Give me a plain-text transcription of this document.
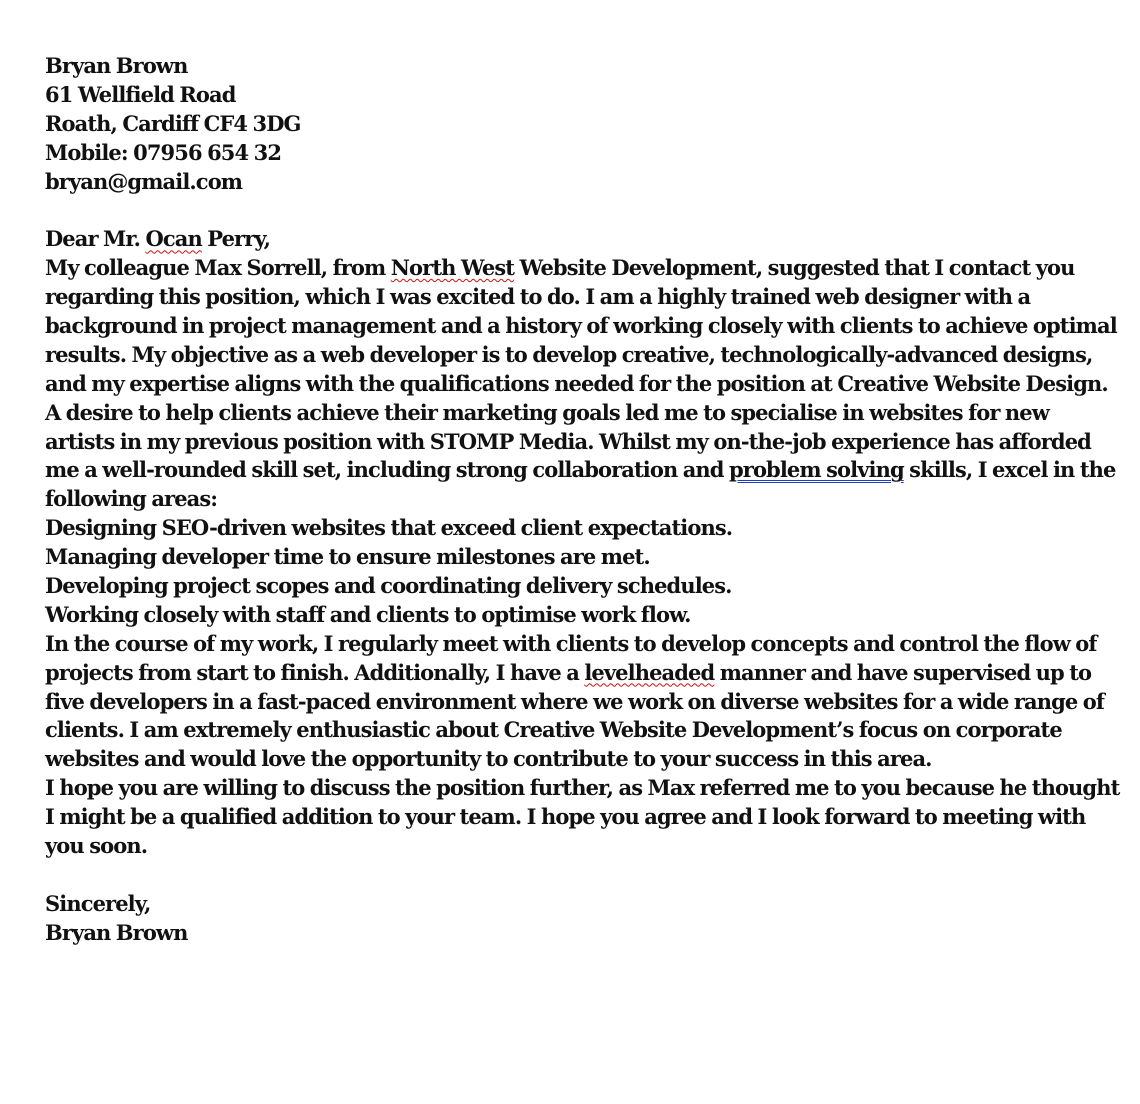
Bryan Brown
61 Wellfield Road
Roath, Cardiff CF4 3DG
Mobile: 07956 654 32
bryan@gmail.com
Dear Mr. Ocan Perry,
My colleague Max Sorrell, from North West Website Development, suggested that I contact you
regarding this position, which I was excited to do. I am a highly trained web designer with a
background in project management and a history of working closely with clients to achieve optimal
results. My objective as a web developer is to develop creative, technologically-advanced designs,
and my expertise aligns with the qualifications needed for the position at Creative Website Design.
A desire to help clients achieve their marketing goals led me to specialise in websites for new
artists in my previous position with STOMP Media. Whilst my on-the-job experience has afforded
me a well-rounded skill set, including strong collaboration and problem solving skills, I excel in the
following areas:
Designing SEO-driven websites that exceed client expectations.
Managing developer time to ensure milestones are met.
Developing project scopes and coordinating delivery schedules.
Working closely with staff and clients to optimise work flow.
In the course of my work, I regularly meet with clients to develop concepts and control the flow of
projects from start to finish. Additionally, I have a levelheaded manner and have supervised up to
five developers in a fast-paced environment where we work on diverse websites for a wide range of
clients. I am extremely enthusiastic about Creative Website Development’s focus on corporate
websites and would love the opportunity to contribute to your success in this area.
I hope you are willing to discuss the position further, as Max referred me to you because he thought
I might be a qualified addition to your team. I hope you agree and I look forward to meeting with
you soon.
Sincerely,
Bryan Brown
